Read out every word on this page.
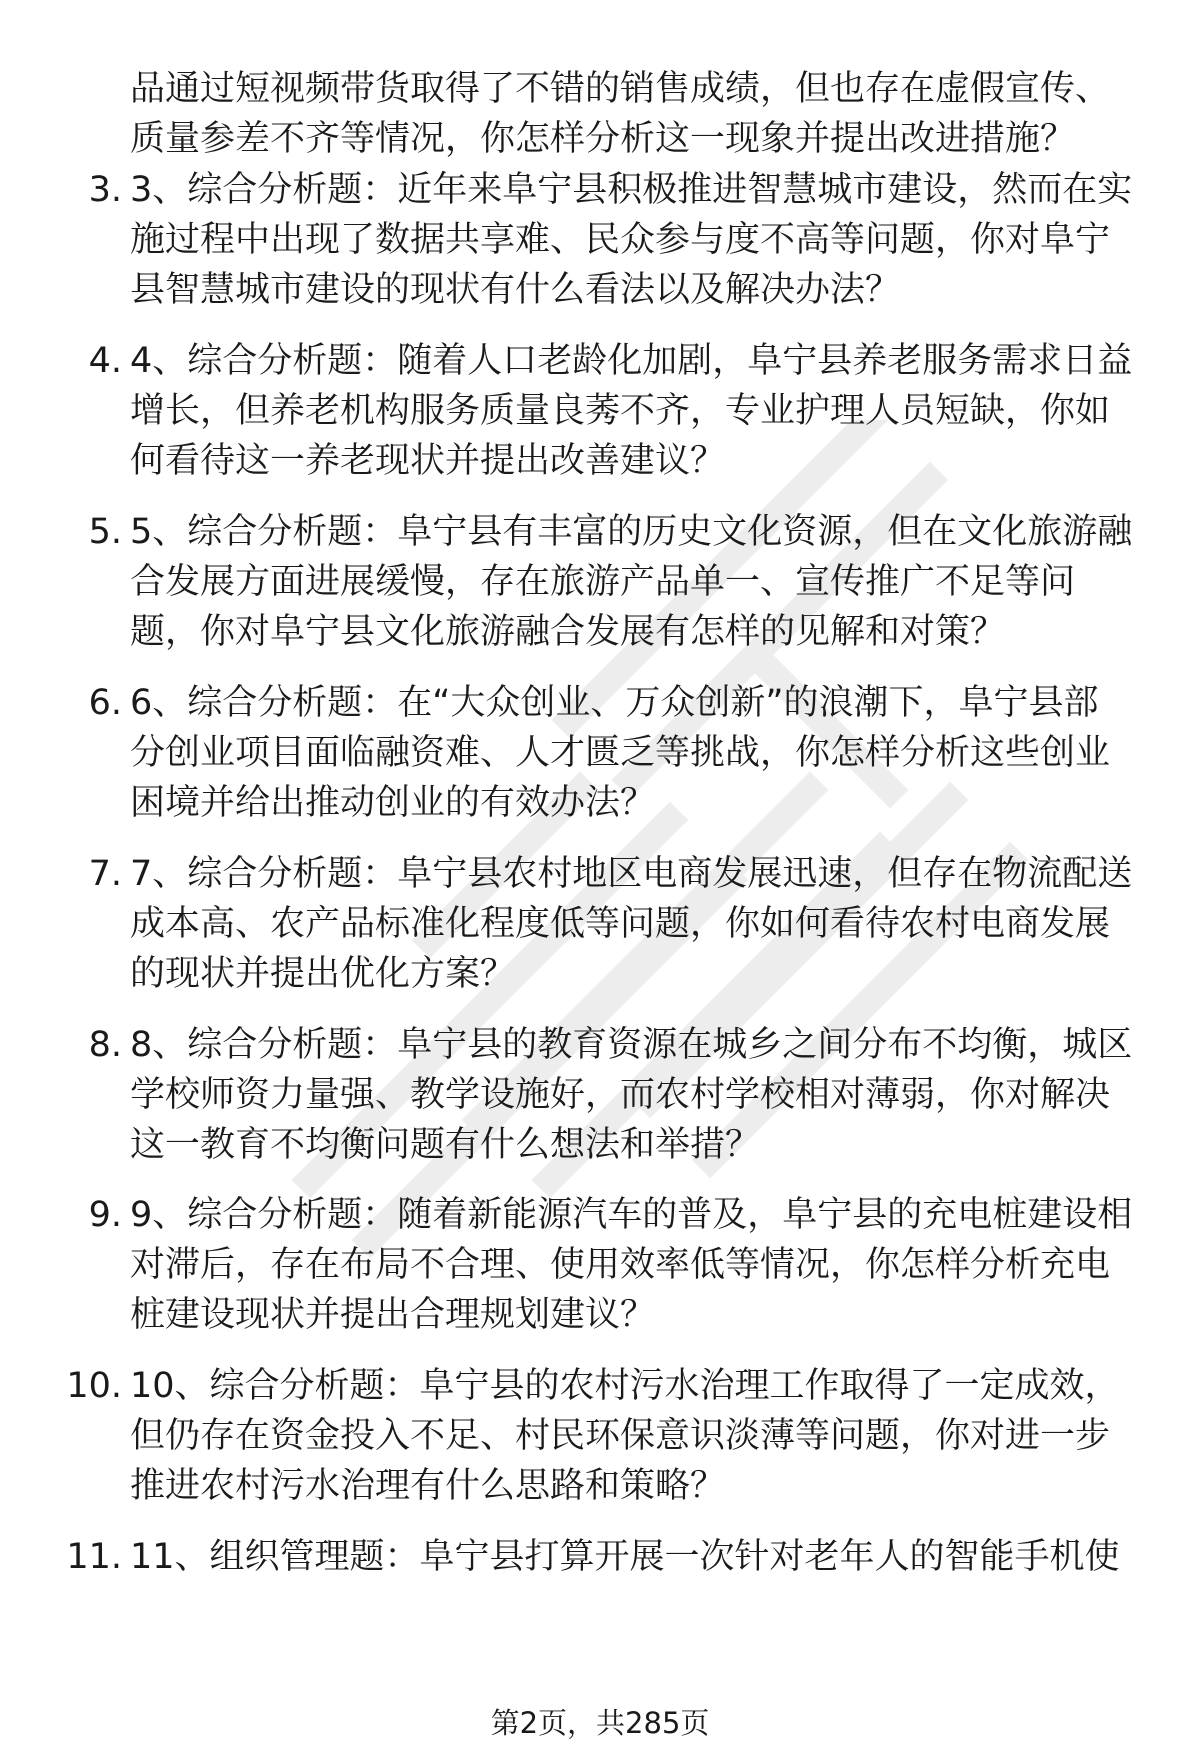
品通过短视频带货取得了不错的销售成绩，但也存在虚假宣传、
质量参差不齐等情况，你怎样分析这一现象并提出改进措施？
3. 3、综合分析题：近年来阜宁县积极推进智慧城市建设，然而在实
施过程中出现了数据共享难、民众参与度不高等问题，你对阜宁
县智慧城市建设的现状有什么看法以及解决办法？
4. 4、综合分析题：随着人口老龄化加剧，阜宁县养老服务需求日益
增长，但养老机构服务质量良莠不齐，专业护理人员短缺，你如
何看待这一养老现状并提出改善建议？
5. 5、综合分析题：阜宁县有丰富的历史文化资源，但在文化旅游融
合发展方面进展缓慢，存在旅游产品单一、宣传推广不足等问
题，你对阜宁县文化旅游融合发展有怎样的见解和对策？
6. 6、综合分析题：在“大众创业、万众创新”的浪潮下，阜宁县部
分创业项目面临融资难、人才匮乏等挑战，你怎样分析这些创业
困境并给出推动创业的有效办法？
7. 7、综合分析题：阜宁县农村地区电商发展迅速，但存在物流配送
成本高、农产品标准化程度低等问题，你如何看待农村电商发展
的现状并提出优化方案？
8. 8、综合分析题：阜宁县的教育资源在城乡之间分布不均衡，城区
学校师资力量强、教学设施好，而农村学校相对薄弱，你对解决
这一教育不均衡问题有什么想法和举措？
9. 9、综合分析题：随着新能源汽车的普及，阜宁县的充电桩建设相
对滞后，存在布局不合理、使用效率低等情况，你怎样分析充电
桩建设现状并提出合理规划建议？
10. 10、综合分析题：阜宁县的农村污水治理工作取得了一定成效，
但仍存在资金投入不足、村民环保意识淡薄等问题，你对进一步
推进农村污水治理有什么思路和策略？
11. 11、组织管理题：阜宁县打算开展一次针对老年人的智能手机使
第2页，共285页
